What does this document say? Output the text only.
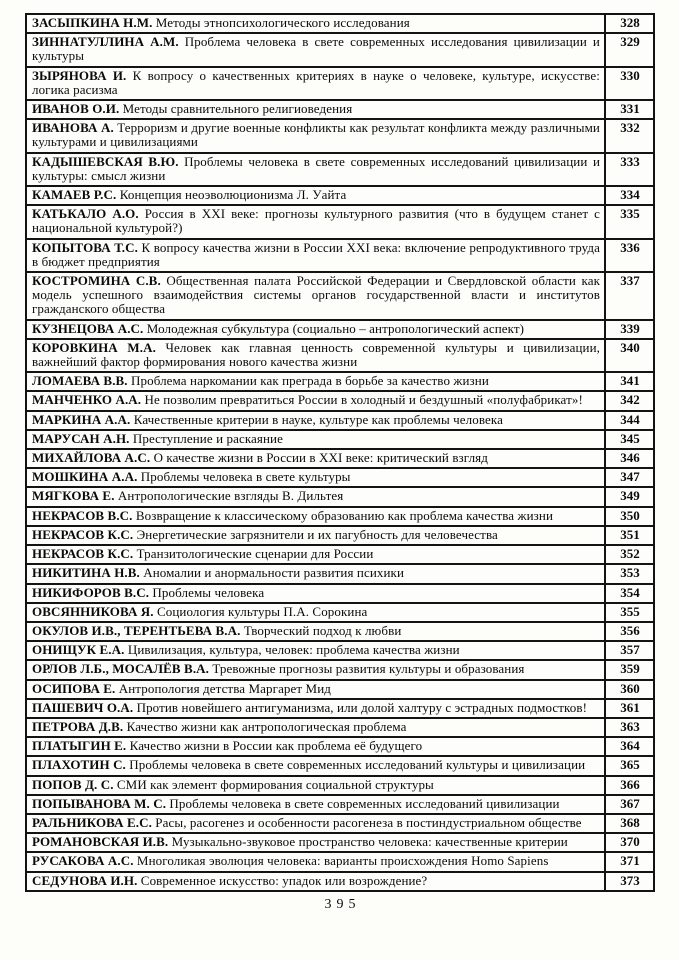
ЗАСЫПКИНА Н.М. Методы этнопсихологического исследования	328
ЗИННАТУЛЛИНА А.М. Проблема человека в свете современных исследования цивилизации и культуры	329
ЗЫРЯНОВА И. К вопросу о качественных критериях в науке о человеке, культуре, искусстве: логика расизма	330
ИВАНОВ О.И. Методы сравнительного религиоведения	331
ИВАНОВА А. Терроризм и другие военные конфликты как результат конфликта между различными культурами и цивилизациями	332
КАДЫШЕВСКАЯ В.Ю. Проблемы человека в свете современных исследований цивилизации и культуры: смысл жизни	333
КАМАЕВ Р.С. Концепция неоэволюционизма Л. Уайта	334
КАТЬКАЛО А.О. Россия в XXI веке: прогнозы культурного развития (что в будущем станет с национальной культурой?)	335
КОПЫТОВА Т.С. К вопросу качества жизни в России XXI века: включение репродуктивного труда в бюджет предприятия	336
КОСТРОМИНА С.В. Общественная палата Российской Федерации и Свердловской области как модель успешного взаимодействия системы органов государственной власти и институтов гражданского общества	337
КУЗНЕЦОВА А.С. Молодежная субкультура (социально – антропологический аспект)	339
КОРОВКИНА М.А. Человек как главная ценность современной культуры и цивилизации, важнейший фактор формирования нового качества жизни	340
ЛОМАЕВА В.В. Проблема наркомании как преграда в борьбе за качество жизни	341
МАНЧЕНКО А.А. Не позволим превратиться России в холодный и бездушный «полуфабрикат»!	342
МАРКИНА А.А. Качественные критерии в науке, культуре как проблемы человека	344
МАРУСАН А.Н. Преступление и раскаяние	345
МИХАЙЛОВА А.С. О качестве жизни в России в XXI веке: критический взгляд	346
МОШКИНА А.А. Проблемы человека в свете культуры	347
МЯГКОВА Е. Антропологические взгляды В. Дильтея	349
НЕКРАСОВ В.С. Возвращение к классическому образованию как проблема качества жизни	350
НЕКРАСОВ К.С. Энергетические загрязнители и их пагубность для человечества	351
НЕКРАСОВ К.С. Транзитологические сценарии для России	352
НИКИТИНА Н.В. Аномалии и анормальности развития психики	353
НИКИФОРОВ В.С. Проблемы человека	354
ОВСЯННИКОВА Я. Социология культуры П.А. Сорокина	355
ОКУЛОВ И.В., ТЕРЕНТЬЕВА В.А. Творческий подход к любви	356
ОНИЩУК Е.А. Цивилизация, культура, человек: проблема качества жизни	357
ОРЛОВ Л.Б., МОСАЛЁВ В.А. Тревожные прогнозы развития культуры и образования	359
ОСИПОВА Е. Антропология детства Маргарет Мид	360
ПАШЕВИЧ О.А. Против новейшего антигуманизма, или долой халтуру с эстрадных подмостков!	361
ПЕТРОВА Д.В. Качество жизни как антропологическая проблема	363
ПЛАТЫГИН Е. Качество жизни в России как проблема её будущего	364
ПЛАХОТИН С. Проблемы человека в свете современных исследований культуры и цивилизации	365
ПОПОВ Д. С. СМИ как элемент формирования социальной структуры	366
ПОПЫВАНОВА М. С. Проблемы человека в свете современных исследований цивилизации	367
РАЛЬНИКОВА Е.С. Расы, расогенез и особенности расогенеза в постиндустриальном обществе	368
РОМАНОВСКАЯ И.В. Музыкально-звуковое пространство человека: качественные критерии	370
РУСАКОВА А.С. Многоликая эволюция человека: варианты происхождения Homo Sapiens	371
СЕДУНОВА И.Н. Современное искусство: упадок или возрождение?	373
395
